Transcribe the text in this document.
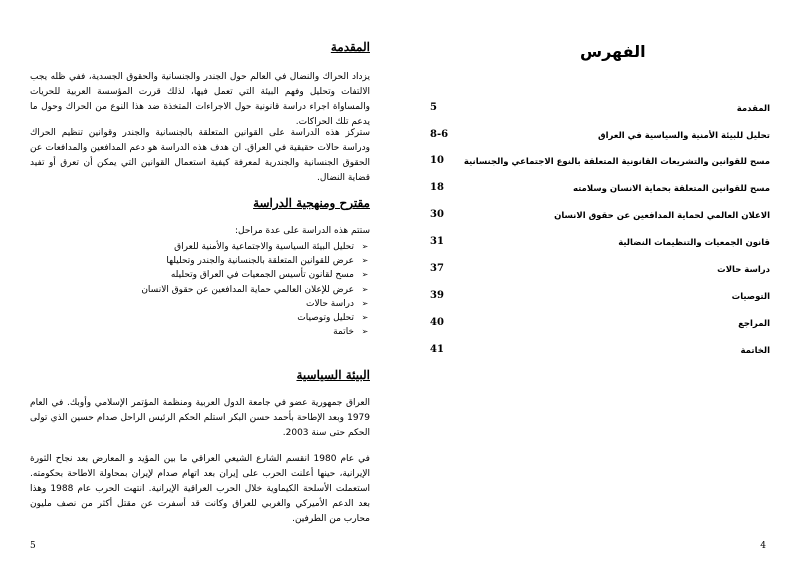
المقدمة
يزداد الحراك والنضال في العالم حول الجندر والجنسانية والحقوق الجسدية، ففي ظله يجب الالتفات وتحليل وفهم البيئة التي تعمل فيها، لذلك قررت المؤسسة العربية للحريات والمساواة اجراء دراسة قانونية حول الاجراءات المتخذة ضد هذا النوع من الحراك وحول ما يدعم تلك الحراكات.
ستركز هذه الدراسة على القوانين المتعلقة بالجنسانية والجندر وقوانين تنظيم الحراك ودراسة حالات حقيقية في العراق. ان هدف هذه الدراسة هو دعم المدافعين والمدافعات عن الحقوق الجنسانية والجندرية لمعرفة كيفية استعمال القوانين التي يمكن أن تعرق أو تفيد قضاية النضال.
مقترح ومنهجية الدراسة
ستتم هذه الدراسة على عدة مراحل:
➢تحليل البيئة السياسية والاجتماعية والأمنية للعراق
➢عرض للقوانين المتعلقة بالجنسانية والجندر وتحليلها
➢مسح لقانون تأسيس الجمعيات في العراق وتحليله
➢عرض للإعلان العالمي حماية المدافعين عن حقوق الانسان
➢دراسة حالات
➢تحليل وتوصيات
➢خاتمة
البيئة السياسية
العراق جمهورية عضو في جامعة الدول العربية ومنظمة المؤتمر الإسلامي وأوبك. في العام 1979 وبعد الإطاحة بأحمد حسن البكر استلم الحكم الرئيس الراحل صدام حسين الذي تولى الحكم حتى سنة 2003.
في عام 1980 انقسم الشارع الشيعي العراقي ما بين المؤيد و المعارض بعد نجاح الثورة الإيرانية، حينها أعلنت الحرب على إيران بعد اتهام صدام لإيران بمحاولة الاطاحة بحكومته. استعملت الأسلحة الكيماوية خلال الحرب العراقية الإيرانية. انتهت الحرب عام 1988 وهذا بعد الدعم الأميركي والغربي للعراق وكانت قد أسفرت عن مقتل أكثر من نصف مليون محارب من الطرفين.
5
الفهرس
المقدمة
5
تحليل للبيئة الأمنية والسياسية في العراق
8-6
مسح للقوانين والتشريعات القانونية المتعلقة بالنوع الاجتماعي والجنسانية
10
مسح للقوانين المتعلقة بحماية الانسان وسلامته
18
الاعلان العالمي لحماية المدافعين عن حقوق الانسان
30
قانون الجمعيات والتنظيمات النضالية
31
دراسة حالات
37
التوصيات
39
المراجع
40
الخاتمة
41
4
